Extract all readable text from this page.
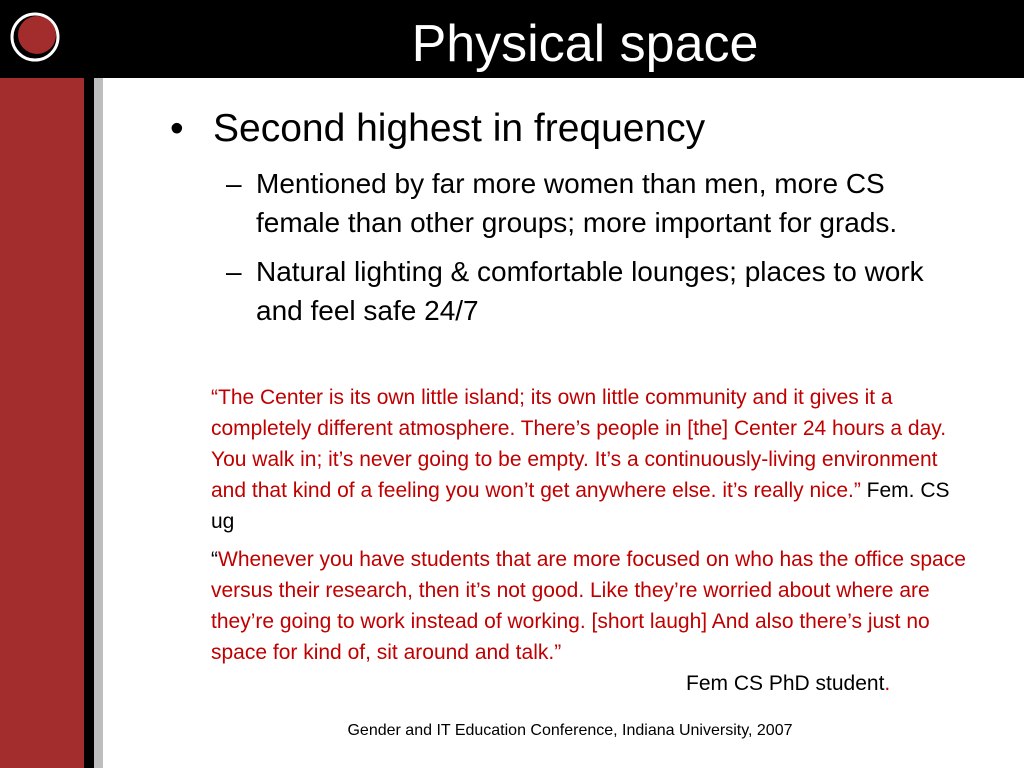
Physical space
• Second highest in frequency
– Mentioned by far more women than men, more CS female than other groups; more important for grads.
– Natural lighting & comfortable lounges; places to work and feel safe 24/7
“The Center is its own little island; its own little community and it gives it a completely different atmosphere. There’s people in [the] Center 24 hours a day. You walk in; it’s never going to be empty. It’s a continuously-living environment and that kind of a feeling you won’t get anywhere else. it’s really nice.” Fem. CS ug
“Whenever you have students that are more focused on who has the office space versus their research, then it’s not good. Like they’re worried about where are they’re going to work instead of working. [short laugh] And also there’s just no space for kind of, sit around and talk.”
Fem CS PhD student.
Gender and IT Education Conference, Indiana University, 2007
